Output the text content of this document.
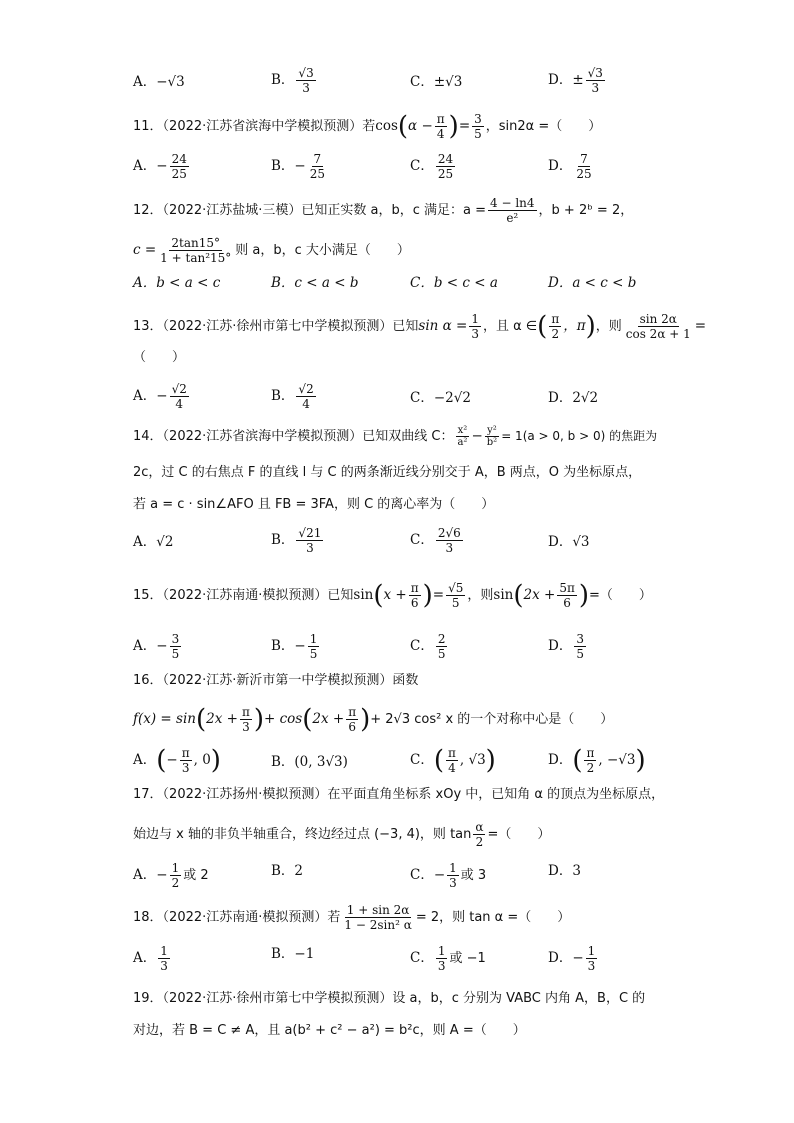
A．−√3	B． $\frac{√3}{3}$	C．±√3	D．± $\frac{√3}{3}$
11．（2022·江苏省滨海中学模拟预测）若$\cos(\alpha - \frac{\pi}{4}$ )= $\frac{3}{5}$ ，sin2α =（　　）
A．− $\frac{24}{25}$	B．− $\frac{7}{25}$	C． $\frac{24}{25}$	D． $\frac{7}{25}$
12．（2022·江苏盐城·三模）已知正实数 a，b，c 满足：$a = \frac{4 - \ln 4}{\text{e²}}$ ，b + 2ᵇ = 2，
$c = \frac{2\tan 15^\circ}{\text{1 + tan²15°}}$ 则 a，b，c 大小满足（　　）
A．b < a < c	B．c < a < b	C．b < c < a	D．a < c < b
13．（2022·江苏·徐州市第七中学模拟预测）已知$\sin \alpha = \frac{1}{3}$ ，且 α ∈( $\frac{\pi}{2}$ ，π)，则 $\frac{\sin 2\alpha}{\cos 2\alpha + 1}$ =
（　　）
A．− $\frac{√2}{4}$	B． $\frac{√2}{4}$	C．−2√2	D．2√2
14．（2022·江苏省滨海中学模拟预测）已知双曲线 C： $\frac{\text{x²}}{\text{a²}} - \frac{\text{y²}}{\text{b²}} = 1(a > 0$, b > 0) 的焦距为
2c，过 C 的右焦点 F 的直线 l 与 C 的两条渐近线分别交于 A，B 两点，O 为坐标原点，
若 a = c · sin∠AFO 且 FB = 3FA，则 C 的离心率为（　　）
A．√2	B． $\frac{√21}{3}$	C． $\frac{2√6}{3}$	D．√3
15．（2022·江苏南通·模拟预测）已知$\sin(x + \frac{\pi}{6}$ )= $\frac{√5}{5}$ ，则$\sin(2x + \frac{5\pi}{6}$ )=（　　）
A．− $\frac{3}{5}$	B．− $\frac{1}{5}$	C． $\frac{2}{5}$	D． $\frac{3}{5}$
16．（2022·江苏·新沂市第一中学模拟预测）函数
$f(x) = \sin(2x + \frac{\pi}{3}$ )+ $\cos(2x + \frac{\pi}{6}$ )+ 2√3 cos² x 的一个对称中心是（　　）
A．(− $\frac{\pi}{3}$ , 0)	B．(0, 3√3)	C．( $\frac{\pi}{4}$ , √3)	D．( $\frac{\pi}{2}$ , −√3)
17．（2022·江苏扬州·模拟预测）在平面直角坐标系 xOy 中，已知角 α 的顶点为坐标原点，
始边与 x 轴的非负半轴重合，终边经过点 (−3, 4)，则 $\tan \frac{\alpha}{2}$ =（　　）
A．− $\frac{1}{2}$ 或 2	B．2	C．− $\frac{1}{3}$ 或 3	D．3
18．（2022·江苏南通·模拟预测）若 $\frac{1 + \sin 2\alpha}{\text{1 − 2sin² α}} = 2$，则 tan α =（　　）
A． $\frac{1}{3}$	B．−1	C． $\frac{1}{3}$ 或 −1	D．− $\frac{1}{3}$
19．（2022·江苏·徐州市第七中学模拟预测）设 a，b，c 分别为 VABC 内角 A，B，C 的
对边，若 B = C ≠ A，且 a(b² + c² − a²) = b²c，则 A =（　　）
